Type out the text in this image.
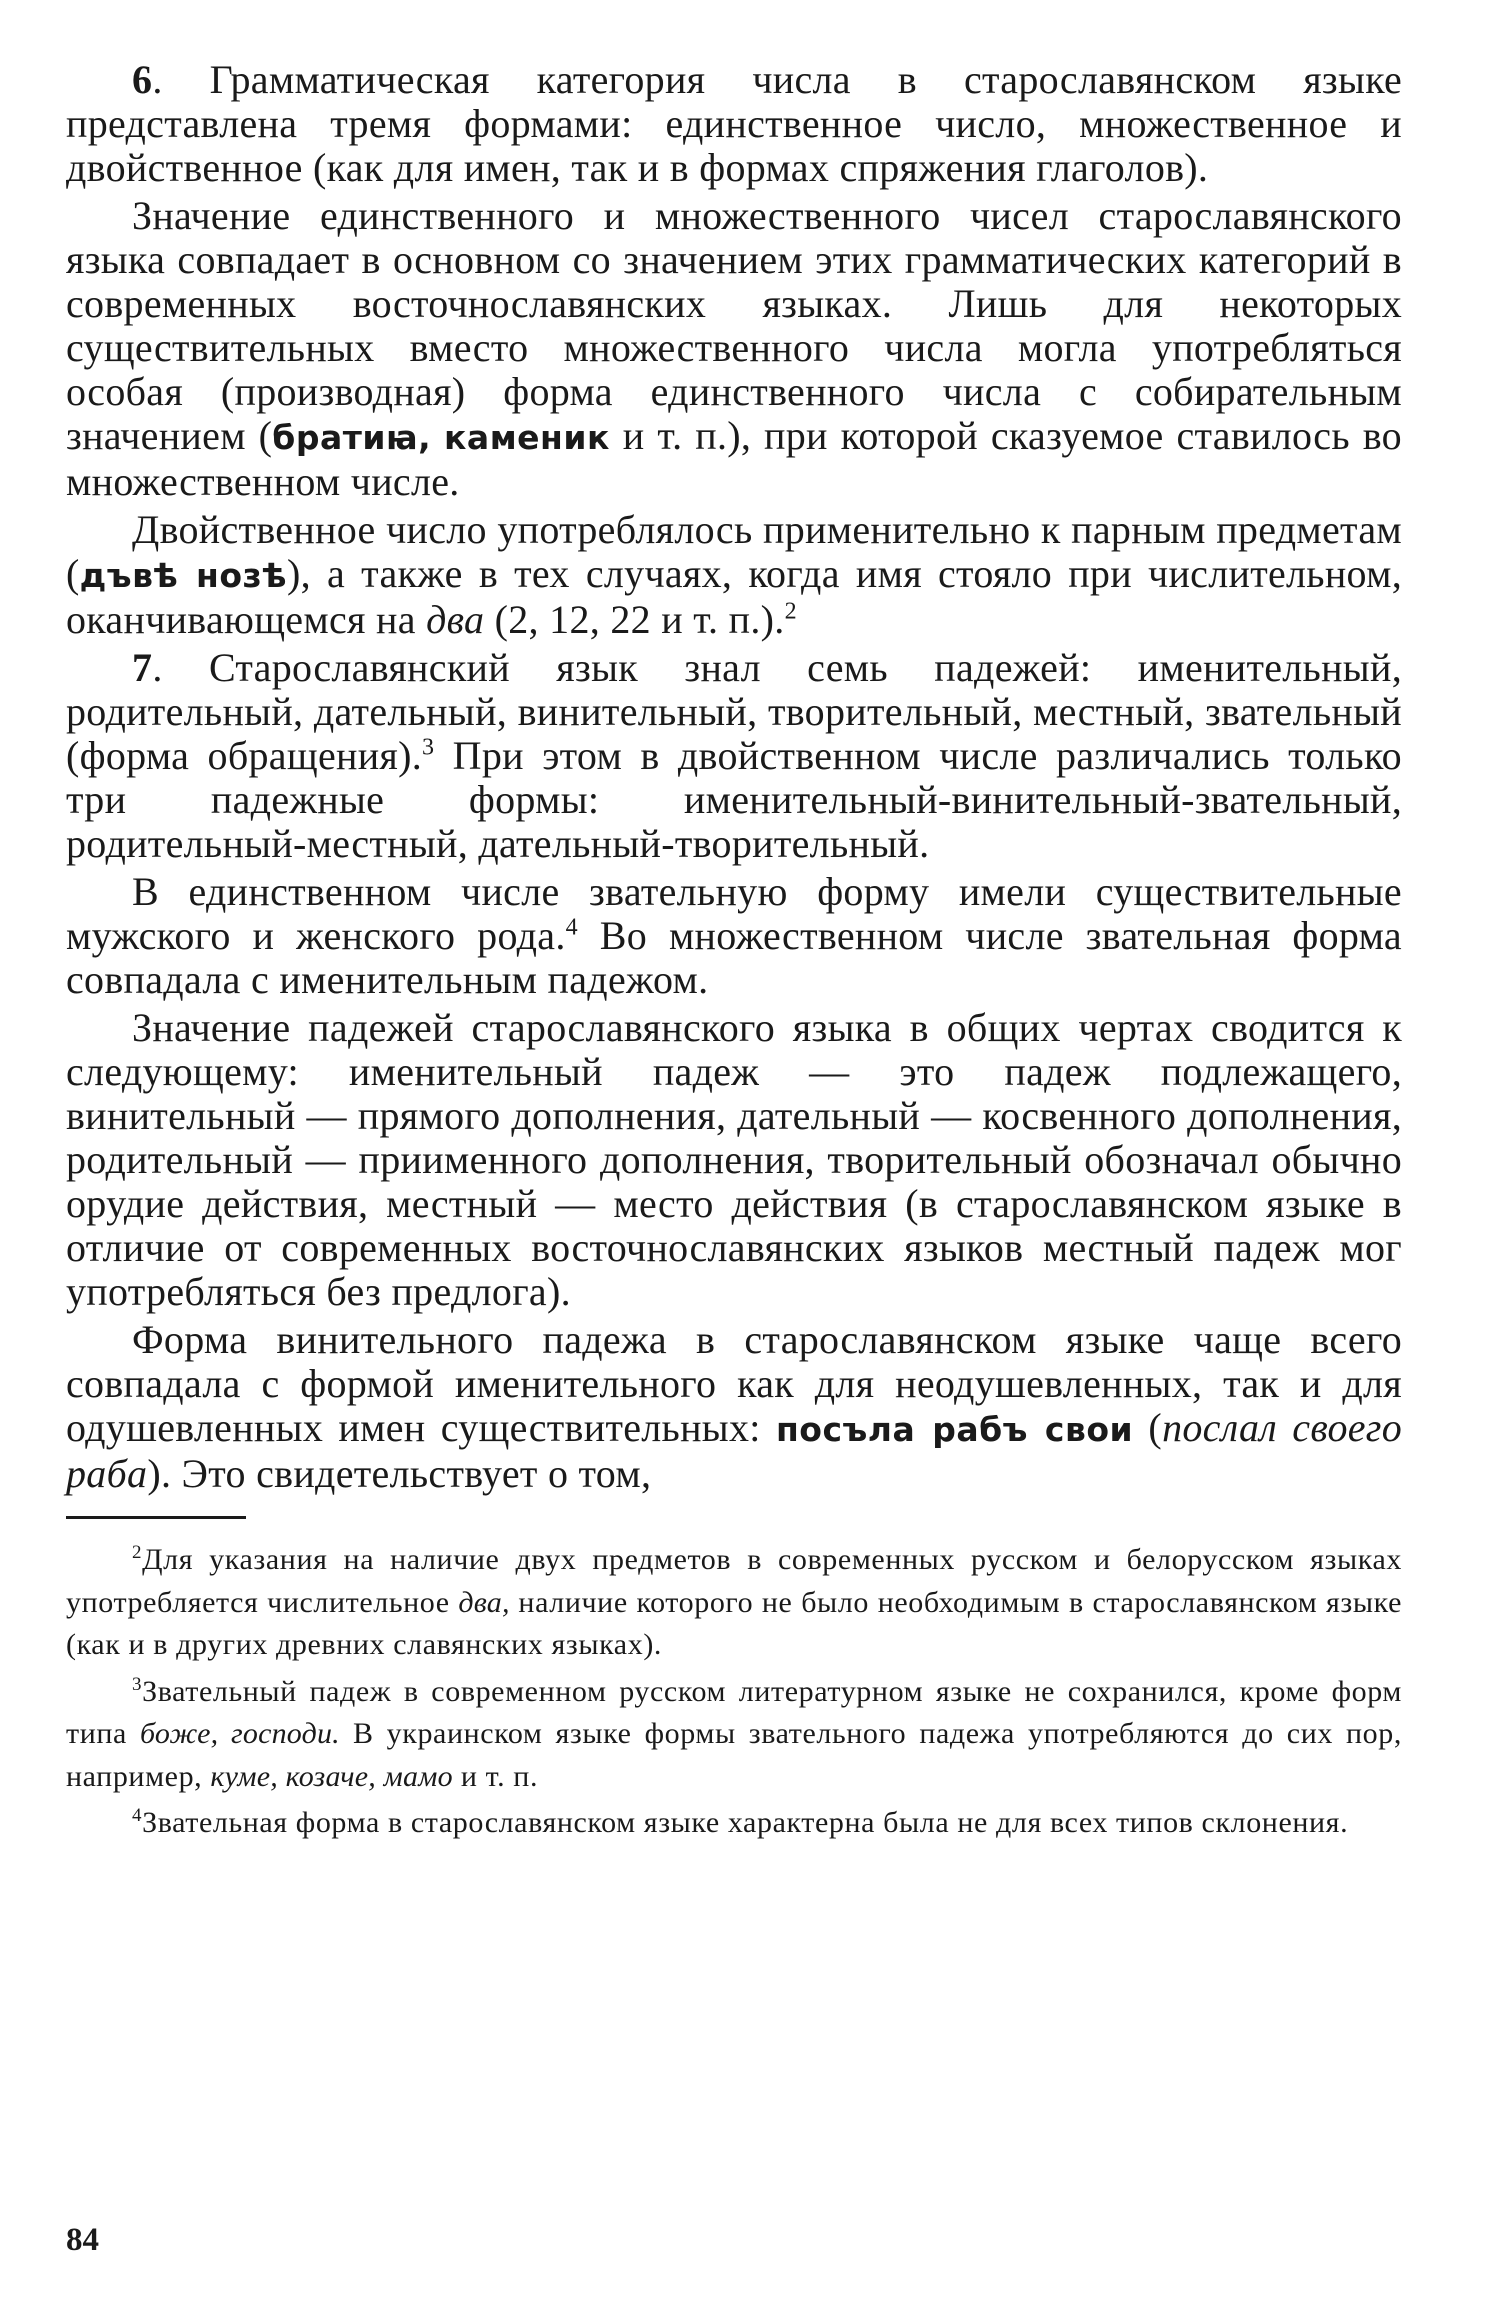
6. Грамматическая категория числа в старославянском языке представлена тремя формами: единственное число, множественное и двойственное (как для имен, так и в формах спряжения глаголов).

Значение единственного и множественного чисел старославянского языка совпадает в основном со значением этих грамматических категорий в современных восточнославянских языках. Лишь для некоторых существительных вместо множественного числа могла употребляться особая (производная) форма единственного числа с собирательным значением (братиꙗ, каменик и т. п.), при которой сказуемое ставилось во множественном числе.

Двойственное число употреблялось применительно к парным предметам (дъвѣ нозѣ), а также в тех случаях, когда имя стояло при числительном, оканчивающемся на два (2, 12, 22 и т. п.).$^2$

7. Старославянский язык знал семь падежей: именительный, родительный, дательный, винительный, творительный, местный, звательный (форма обращения).$^3$ При этом в двойственном числе различались только три падежные формы: именительный-винительный-звательный, родительный-местный, дательный-творительный.

В единственном числе звательную форму имели существительные мужского и женского рода.$^4$ Во множественном числе звательная форма совпадала с именительным падежом.

Значение падежей старославянского языка в общих чертах сводится к следующему: именительный падеж — это падеж подлежащего, винительный — прямого дополнения, дательный — косвенного дополнения, родительный — приименного дополнения, творительный обозначал обычно орудие действия, местный — место действия (в старославянском языке в отличие от современных восточнославянских языков местный падеж мог употребляться без предлога).

Форма винительного падежа в старославянском языке чаще всего совпадала с формой именительного как для неодушевленных, так и для одушевленных имен существительных: посъла рабъ свои (послал своего раба). Это свидетельствует о том,

$^2$Для указания на наличие двух предметов в современных русском и белорусском языках употребляется числительное два, наличие которого не было необходимым в старославянском языке (как и в других древних славянских языках).

$^3$Звательный падеж в современном русском литературном языке не сохранился, кроме форм типа боже, господи. В украинском языке формы звательного падежа употребляются до сих пор, например, куме, козаче, мамо и т. п.

$^4$Звательная форма в старославянском языке характерна была не для всех типов склонения.

84
